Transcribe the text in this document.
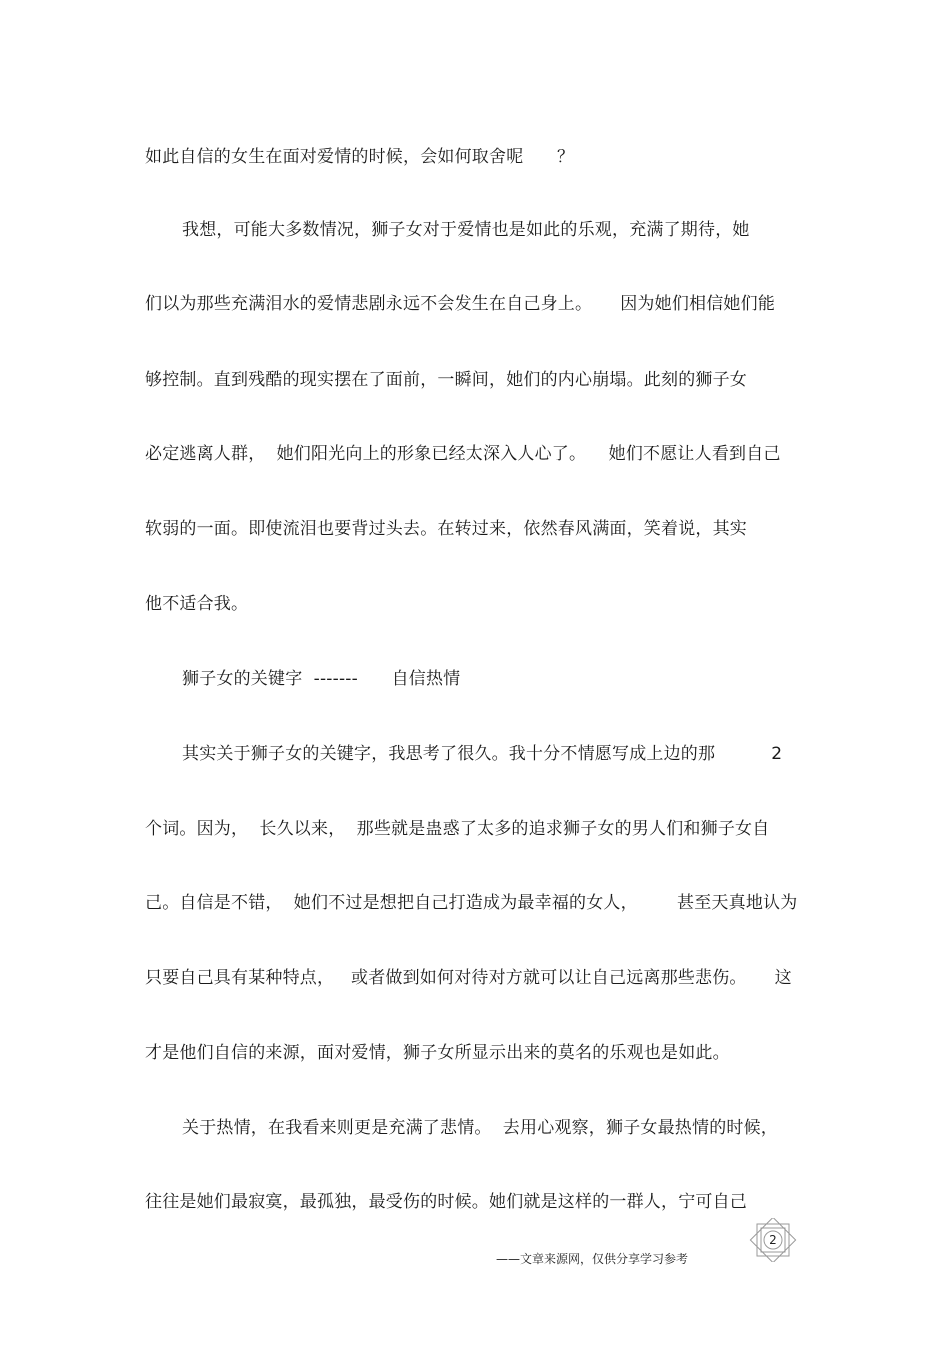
如此自信的女生在面对爱情的时候，会如何取舍呢      ？
我想，可能大多数情况，狮子女对于爱情也是如此的乐观，充满了期待，她
们以为那些充满泪水的爱情悲剧永远不会发生在自己身上。     因为她们相信她们能
够控制。直到残酷的现实摆在了面前，一瞬间，她们的内心崩塌。此刻的狮子女
必定逃离人群，  她们阳光向上的形象已经太深入人心了。    她们不愿让人看到自己
软弱的一面。即使流泪也要背过头去。在转过来，依然春风满面，笑着说，其实
他不适合我。
狮子女的关键字  -------      自信热情
其实关于狮子女的关键字，我思考了很久。我十分不情愿写成上边的那          2
个词。因为，  长久以来，  那些就是蛊惑了太多的追求狮子女的男人们和狮子女自
己。自信是不错，  她们不过是想把自己打造成为最幸福的女人，       甚至天真地认为
只要自己具有某种特点，   或者做到如何对待对方就可以让自己远离那些悲伤。     这
才是他们自信的来源，面对爱情，狮子女所显示出来的莫名的乐观也是如此。
关于热情，在我看来则更是充满了悲情。  去用心观察，狮子女最热情的时候，
往往是她们最寂寞，最孤独，最受伤的时候。她们就是这样的一群人，宁可自己
2
——文章来源网，仅供分享学习参考
